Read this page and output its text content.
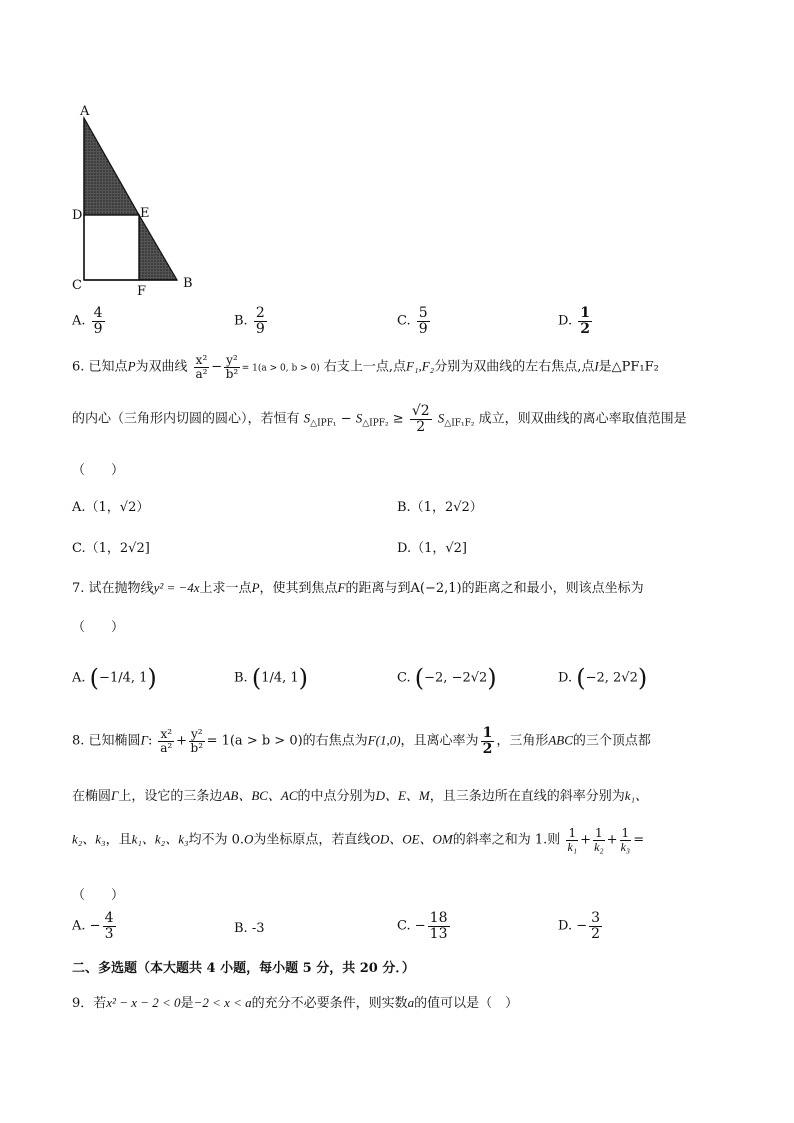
A
D	E
C	F
B
A. $\frac{4}{9}$	B. $\frac{2}{9}$	C. $\frac{5}{9}$	D. $\frac{1}{2}$
6. 已知点P为双曲线 $\frac{\text{x²}}{\text{a²}} - \frac{\text{y²}}{\text{b²}} = 1(a > 0$, b > 0) 右支上一点,点F₁,F₂分别为双曲线的左右焦点,点I是△PF₁F₂
的内心（三角形内切圆的圆心），若恒有 $S_{\triangle IPF_1} - S_{\triangle IPF_2} \ge \frac{√2}{2} S_{\triangle IF_1F_2}$ 成立，则双曲线的离心率取值范围是
（　　）
A.（1，√2）	B.（1，2√2）
C.（1，2√2]	D.（1，√2]
7. 试在抛物线y² = −4x上求一点P，使其到焦点F的距离与到A(−2,1)的距离之和最小，则该点坐标为
（　　）
A. (−1/4, 1)	B. (1/4, 1)	C. (−2, −2√2)	D. (−2, 2√2)
8. 已知椭圆Γ: $\frac{\text{x²}}{\text{a²}} + \frac{\text{y²}}{\text{b²}} = 1(a > b > 0)$的右焦点为F(1,0)，且离心率为 $\frac{1}{2}$ ，三角形ABC的三个顶点都
在椭圆Γ上，设它的三条边AB、BC、AC的中点分别为D、E、M，且三条边所在直线的斜率分别为k₁、
k₂、k₃，且k₁、k₂、k₃均不为 0.O为坐标原点，若直线OD、OE、OM的斜率之和为 1.则 $\frac{1}{\text{k₁}} + \frac{1}{\text{k₂}} + \frac{1}{\text{k₃}}$ =
（　　）
A. − $\frac{4}{3}$	B. -3	C. − $\frac{18}{13}$	D. − $\frac{3}{2}$
二、多选题（本大题共 4 小题，每小题 5 分，共 20 分．）
9．若x² − x − 2 < 0是−2 < x < a的充分不必要条件，则实数a的值可以是（　）
